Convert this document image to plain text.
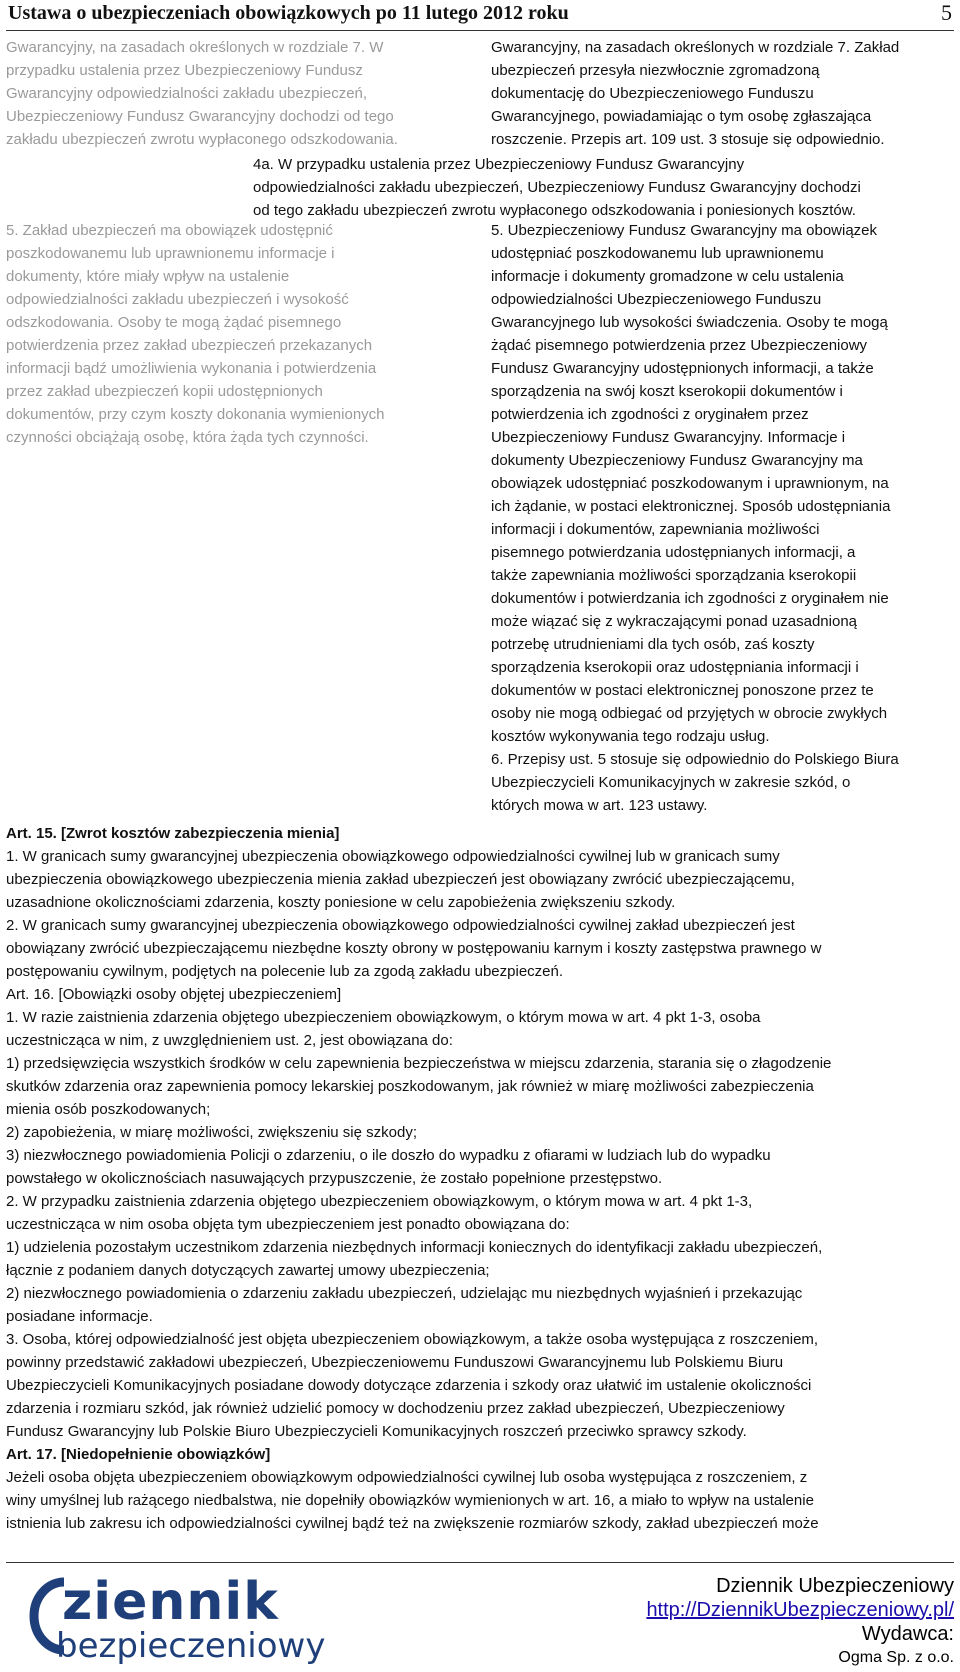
Ustawa o ubezpieczeniach obowiązkowych po 11 lutego 2012 roku	5
Gwarancyjny, na zasadach określonych w rozdziale 7. W
przypadku ustalenia przez Ubezpieczeniowy Fundusz
Gwarancyjny odpowiedzialności zakładu ubezpieczeń,
Ubezpieczeniowy Fundusz Gwarancyjny dochodzi od tego
zakładu ubezpieczeń zwrotu wypłaconego odszkodowania.
Gwarancyjny, na zasadach określonych w rozdziale 7. Zakład
ubezpieczeń przesyła niezwłocznie zgromadzoną
dokumentację do Ubezpieczeniowego Funduszu
Gwarancyjnego, powiadamiając o tym osobę zgłaszająca
roszczenie. Przepis art. 109 ust. 3 stosuje się odpowiednio.
4a. W przypadku ustalenia przez Ubezpieczeniowy Fundusz Gwarancyjny
odpowiedzialności zakładu ubezpieczeń, Ubezpieczeniowy Fundusz Gwarancyjny dochodzi
od tego zakładu ubezpieczeń zwrotu wypłaconego odszkodowania i poniesionych kosztów.
5. Zakład ubezpieczeń ma obowiązek udostępnić
poszkodowanemu lub uprawnionemu informacje i
dokumenty, które miały wpływ na ustalenie
odpowiedzialności zakładu ubezpieczeń i wysokość
odszkodowania. Osoby te mogą żądać pisemnego
potwierdzenia przez zakład ubezpieczeń przekazanych
informacji bądź umożliwienia wykonania i potwierdzenia
przez zakład ubezpieczeń kopii udostępnionych
dokumentów, przy czym koszty dokonania wymienionych
czynności obciążają osobę, która żąda tych czynności.
5. Ubezpieczeniowy Fundusz Gwarancyjny ma obowiązek
udostępniać poszkodowanemu lub uprawnionemu
informacje i dokumenty gromadzone w celu ustalenia
odpowiedzialności Ubezpieczeniowego Funduszu
Gwarancyjnego lub wysokości świadczenia. Osoby te mogą
żądać pisemnego potwierdzenia przez Ubezpieczeniowy
Fundusz Gwarancyjny udostępnionych informacji, a także
sporządzenia na swój koszt kserokopii dokumentów i
potwierdzenia ich zgodności z oryginałem przez
Ubezpieczeniowy Fundusz Gwarancyjny. Informacje i
dokumenty Ubezpieczeniowy Fundusz Gwarancyjny ma
obowiązek udostępniać poszkodowanym i uprawnionym, na
ich żądanie, w postaci elektronicznej. Sposób udostępniania
informacji i dokumentów, zapewniania możliwości
pisemnego potwierdzania udostępnianych informacji, a
także zapewniania możliwości sporządzania kserokopii
dokumentów i potwierdzania ich zgodności z oryginałem nie
może wiązać się z wykraczającymi ponad uzasadnioną
potrzebę utrudnieniami dla tych osób, zaś koszty
sporządzenia kserokopii oraz udostępniania informacji i
dokumentów w postaci elektronicznej ponoszone przez te
osoby nie mogą odbiegać od przyjętych w obrocie zwykłych
kosztów wykonywania tego rodzaju usług.
6. Przepisy ust. 5 stosuje się odpowiednio do Polskiego Biura
Ubezpieczycieli Komunikacyjnych w zakresie szkód, o
których mowa w art. 123 ustawy.
Art. 15. [Zwrot kosztów zabezpieczenia mienia]
1. W granicach sumy gwarancyjnej ubezpieczenia obowiązkowego odpowiedzialności cywilnej lub w granicach sumy
ubezpieczenia obowiązkowego ubezpieczenia mienia zakład ubezpieczeń jest obowiązany zwrócić ubezpieczającemu,
uzasadnione okolicznościami zdarzenia, koszty poniesione w celu zapobieżenia zwiększeniu szkody.
2. W granicach sumy gwarancyjnej ubezpieczenia obowiązkowego odpowiedzialności cywilnej zakład ubezpieczeń jest
obowiązany zwrócić ubezpieczającemu niezbędne koszty obrony w postępowaniu karnym i koszty zastępstwa prawnego w
postępowaniu cywilnym, podjętych na polecenie lub za zgodą zakładu ubezpieczeń.
Art. 16. [Obowiązki osoby objętej ubezpieczeniem]
1. W razie zaistnienia zdarzenia objętego ubezpieczeniem obowiązkowym, o którym mowa w art. 4 pkt 1-3, osoba
uczestnicząca w nim, z uwzględnieniem ust. 2, jest obowiązana do:
1) przedsięwzięcia wszystkich środków w celu zapewnienia bezpieczeństwa w miejscu zdarzenia, starania się o złagodzenie
skutków zdarzenia oraz zapewnienia pomocy lekarskiej poszkodowanym, jak również w miarę możliwości zabezpieczenia
mienia osób poszkodowanych;
2) zapobieżenia, w miarę możliwości, zwiększeniu się szkody;
3) niezwłocznego powiadomienia Policji o zdarzeniu, o ile doszło do wypadku z ofiarami w ludziach lub do wypadku
powstałego w okolicznościach nasuwających przypuszczenie, że zostało popełnione przestępstwo.
2. W przypadku zaistnienia zdarzenia objętego ubezpieczeniem obowiązkowym, o którym mowa w art. 4 pkt 1-3,
uczestnicząca w nim osoba objęta tym ubezpieczeniem jest ponadto obowiązana do:
1) udzielenia pozostałym uczestnikom zdarzenia niezbędnych informacji koniecznych do identyfikacji zakładu ubezpieczeń,
łącznie z podaniem danych dotyczących zawartej umowy ubezpieczenia;
2) niezwłocznego powiadomienia o zdarzeniu zakładu ubezpieczeń, udzielając mu niezbędnych wyjaśnień i przekazując
posiadane informacje.
3. Osoba, której odpowiedzialność jest objęta ubezpieczeniem obowiązkowym, a także osoba występująca z roszczeniem,
powinny przedstawić zakładowi ubezpieczeń, Ubezpieczeniowemu Funduszowi Gwarancyjnemu lub Polskiemu Biuru
Ubezpieczycieli Komunikacyjnych posiadane dowody dotyczące zdarzenia i szkody oraz ułatwić im ustalenie okoliczności
zdarzenia i rozmiaru szkód, jak również udzielić pomocy w dochodzeniu przez zakład ubezpieczeń, Ubezpieczeniowy
Fundusz Gwarancyjny lub Polskie Biuro Ubezpieczycieli Komunikacyjnych roszczeń przeciwko sprawcy szkody.
Art. 17. [Niedopełnienie obowiązków]
Jeżeli osoba objęta ubezpieczeniem obowiązkowym odpowiedzialności cywilnej lub osoba występująca z roszczeniem, z
winy umyślnej lub rażącego niedbalstwa, nie dopełniły obowiązków wymienionych w art. 16, a miało to wpływ na ustalenie
istnienia lub zakresu ich odpowiedzialności cywilnej bądź też na zwiększenie rozmiarów szkody, zakład ubezpieczeń może
ziennik
bezpieczeniowy
Dziennik Ubezpieczeniowy
http://DziennikUbezpieczeniowy.pl/
Wydawca:
Ogma Sp. z o.o.
